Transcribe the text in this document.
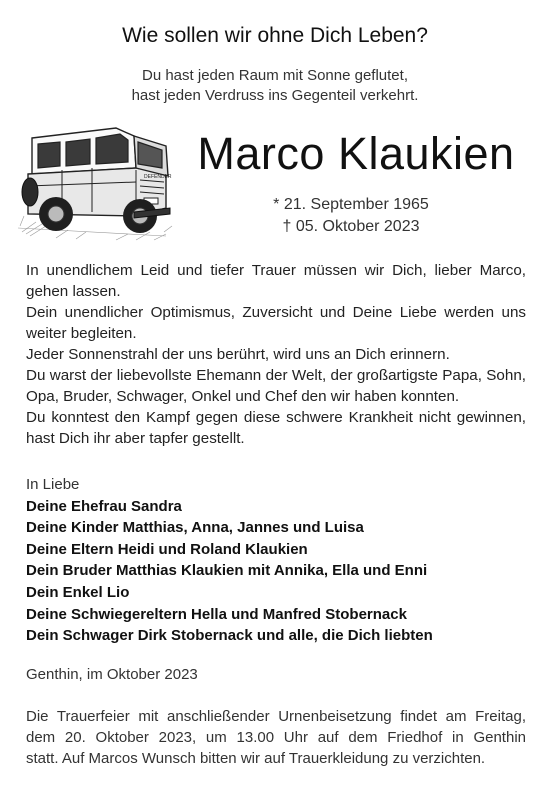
Wie sollen wir ohne Dich Leben?
Du hast jeden Raum mit Sonne geflutet,
hast jeden Verdruss ins Gegenteil verkehrt.
DEFENDER Marco Klaukien
* 21. September 1965
† 05. Oktober 2023

In unendlichem Leid und tiefer Trauer müssen wir Dich, lieber Marco, gehen lassen.

Dein unendlicher Optimismus, Zuversicht und Deine Liebe werden uns weiter begleiten.

Jeder Sonnenstrahl der uns berührt, wird uns an Dich erinnern.

Du warst der liebevollste Ehemann der Welt, der großartigste Papa, Sohn, Opa, Bruder, Schwager, Onkel und Chef den wir haben konnten.

Du konntest den Kampf gegen diese schwere Krankheit nicht gewinnen, hast Dich ihr aber tapfer gestellt.

In Liebe
Deine Ehefrau Sandra
Deine Kinder Matthias, Anna, Jannes und Luisa
Deine Eltern Heidi und Roland Klaukien
Dein Bruder Matthias Klaukien mit Annika, Ella und Enni
Dein Enkel Lio
Deine Schwiegereltern Hella und Manfred Stobernack
Dein Schwager Dirk Stobernack und alle, die Dich liebten
Genthin, im Oktober 2023
Die Trauerfeier mit anschließender Urnenbeisetzung findet am Freitag,
dem 20. Oktober 2023, um 13.00 Uhr auf dem Friedhof in Genthin
statt. Auf Marcos Wunsch bitten wir auf Trauerkleidung zu verzichten.
